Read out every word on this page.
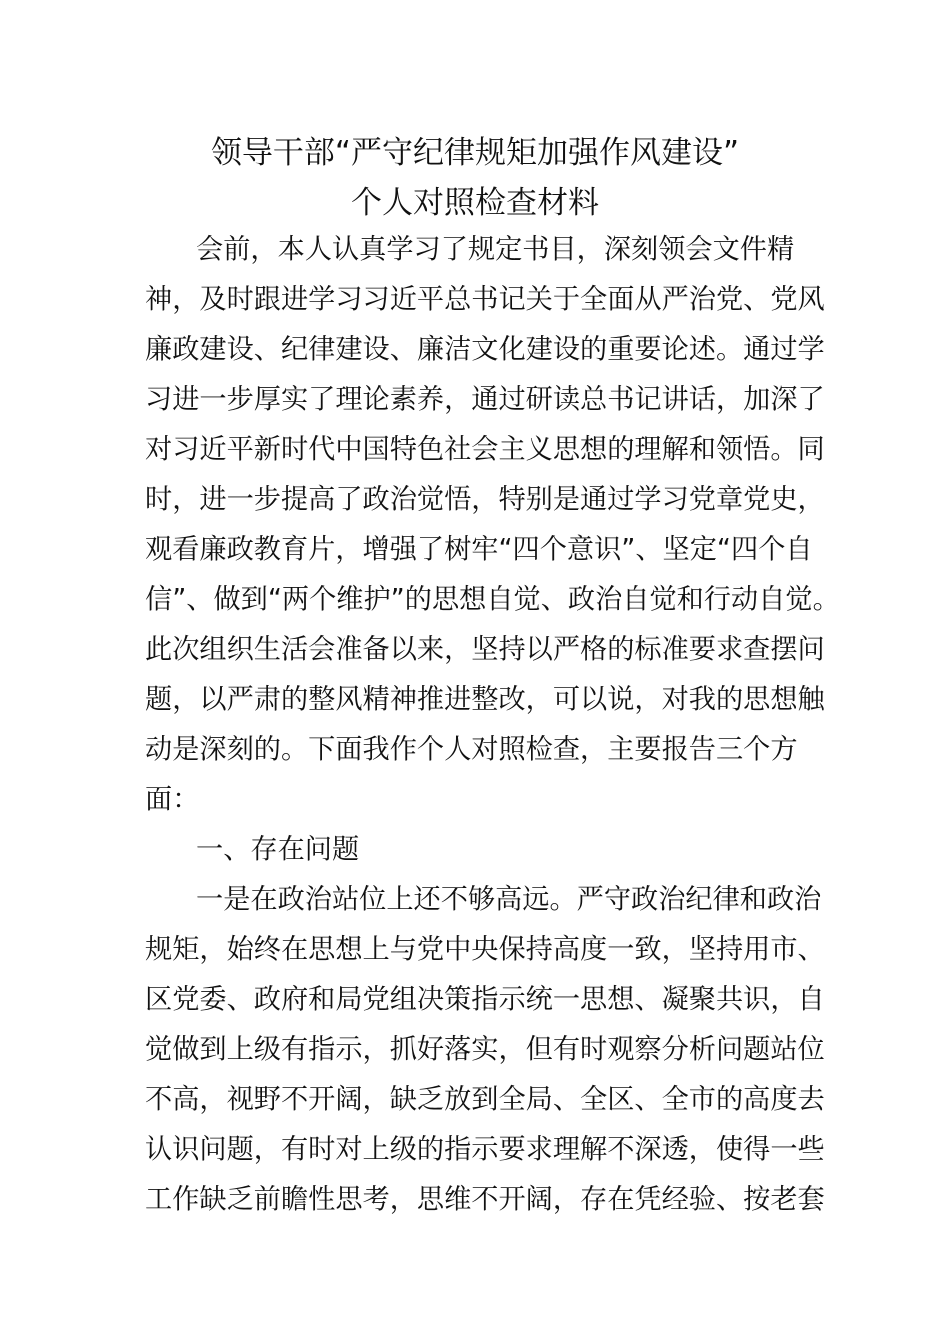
领导干部“严守纪律规矩加强作风建设”
个人对照检查材料
会前，本人认真学习了规定书目，深刻领会文件精
神，及时跟进学习习近平总书记关于全面从严治党、党风
廉政建设、纪律建设、廉洁文化建设的重要论述。通过学
习进一步厚实了理论素养，通过研读总书记讲话，加深了
对习近平新时代中国特色社会主义思想的理解和领悟。同
时，进一步提高了政治觉悟，特别是通过学习党章党史，
观看廉政教育片，增强了树牢“四个意识”、坚定“四个自
信”、做到“两个维护”的思想自觉、政治自觉和行动自觉。
此次组织生活会准备以来，坚持以严格的标准要求查摆问
题，以严肃的整风精神推进整改，可以说，对我的思想触
动是深刻的。下面我作个人对照检查，主要报告三个方
面：
一、存在问题
一是在政治站位上还不够高远。严守政治纪律和政治
规矩，始终在思想上与党中央保持高度一致，坚持用市、
区党委、政府和局党组决策指示统一思想、凝聚共识，自
觉做到上级有指示，抓好落实，但有时观察分析问题站位
不高，视野不开阔，缺乏放到全局、全区、全市的高度去
认识问题，有时对上级的指示要求理解不深透，使得一些
工作缺乏前瞻性思考，思维不开阔，存在凭经验、按老套
